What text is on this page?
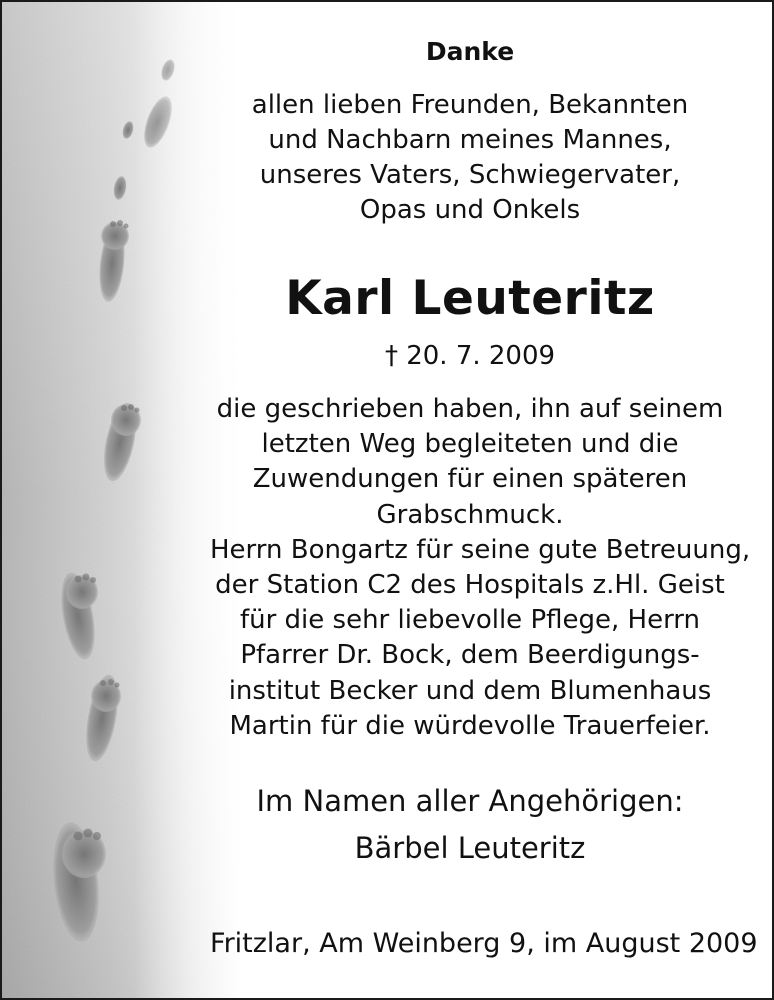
Danke
allen lieben Freunden, Bekannten
und Nachbarn meines Mannes,
unseres Vaters, Schwiegervater,
Opas und Onkels
Karl Leuteritz
† 20. 7. 2009
die geschrieben haben, ihn auf seinem
letzten Weg begleiteten und die
Zuwendungen für einen späteren
Grabschmuck.
Herrn Bongartz für seine gute Betreuung,
der Station C2 des Hospitals z.Hl. Geist
für die sehr liebevolle Pflege, Herrn
Pfarrer Dr. Bock, dem Beerdigungs-
institut Becker und dem Blumenhaus
Martin für die würdevolle Trauerfeier.
Im Namen aller Angehörigen:
Bärbel Leuteritz
Fritzlar, Am Weinberg 9, im August 2009
